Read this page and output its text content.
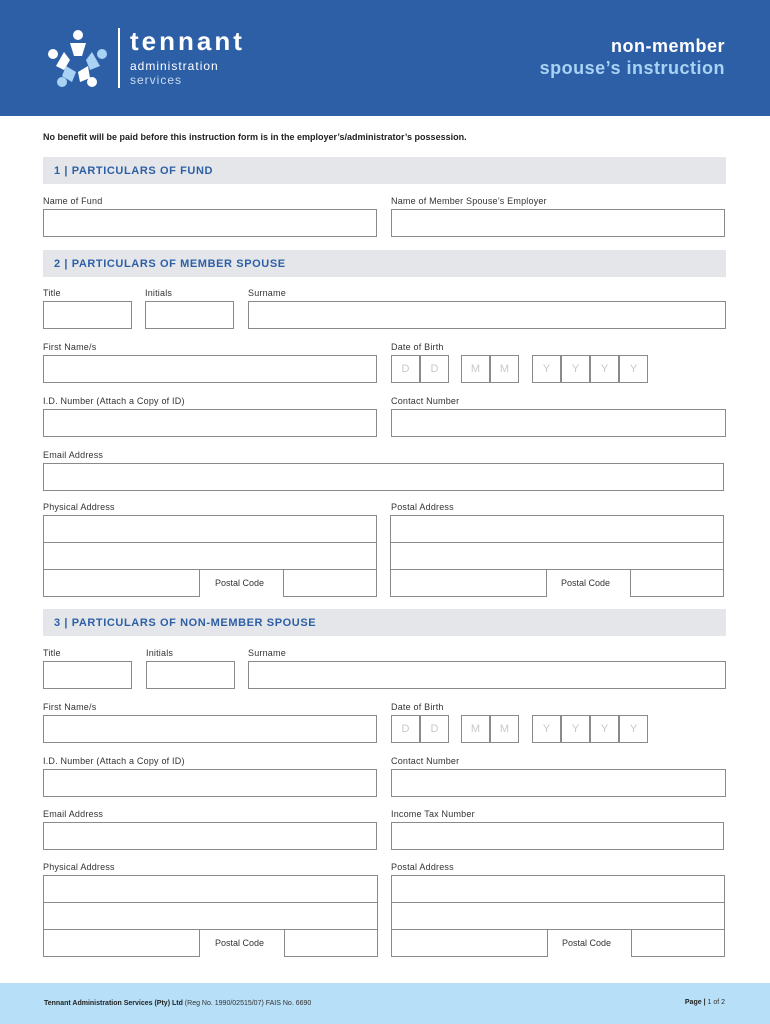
tennant
administration
services
non-member
spouse’s instruction
No benefit will be paid before this instruction form is in the employer’s/administrator’s possession.
1 | PARTICULARS OF FUND
Name of Fund	Name of Member Spouse’s Employer
2 | PARTICULARS OF MEMBER SPOUSE
Title	Initials	Surname
First Name/s	Date of Birth
D	D	M	M	Y	Y	Y	Y
I.D. Number (Attach a Copy of ID)	Contact Number
Email Address
Physical Address
Postal Code
Postal Address
Postal Code
3 | PARTICULARS OF NON-MEMBER SPOUSE
Title	Initials	Surname
First Name/s	Date of Birth
D	D	M	M	Y	Y	Y	Y
I.D. Number (Attach a Copy of ID)	Contact Number
Email Address	Income Tax Number
Physical Address
Postal Code
Postal Address
Postal Code
Tennant Administration Services (Pty) Ltd (Reg No. 1990/02515/07) FAIS No. 6690	Page | 1 of 2
